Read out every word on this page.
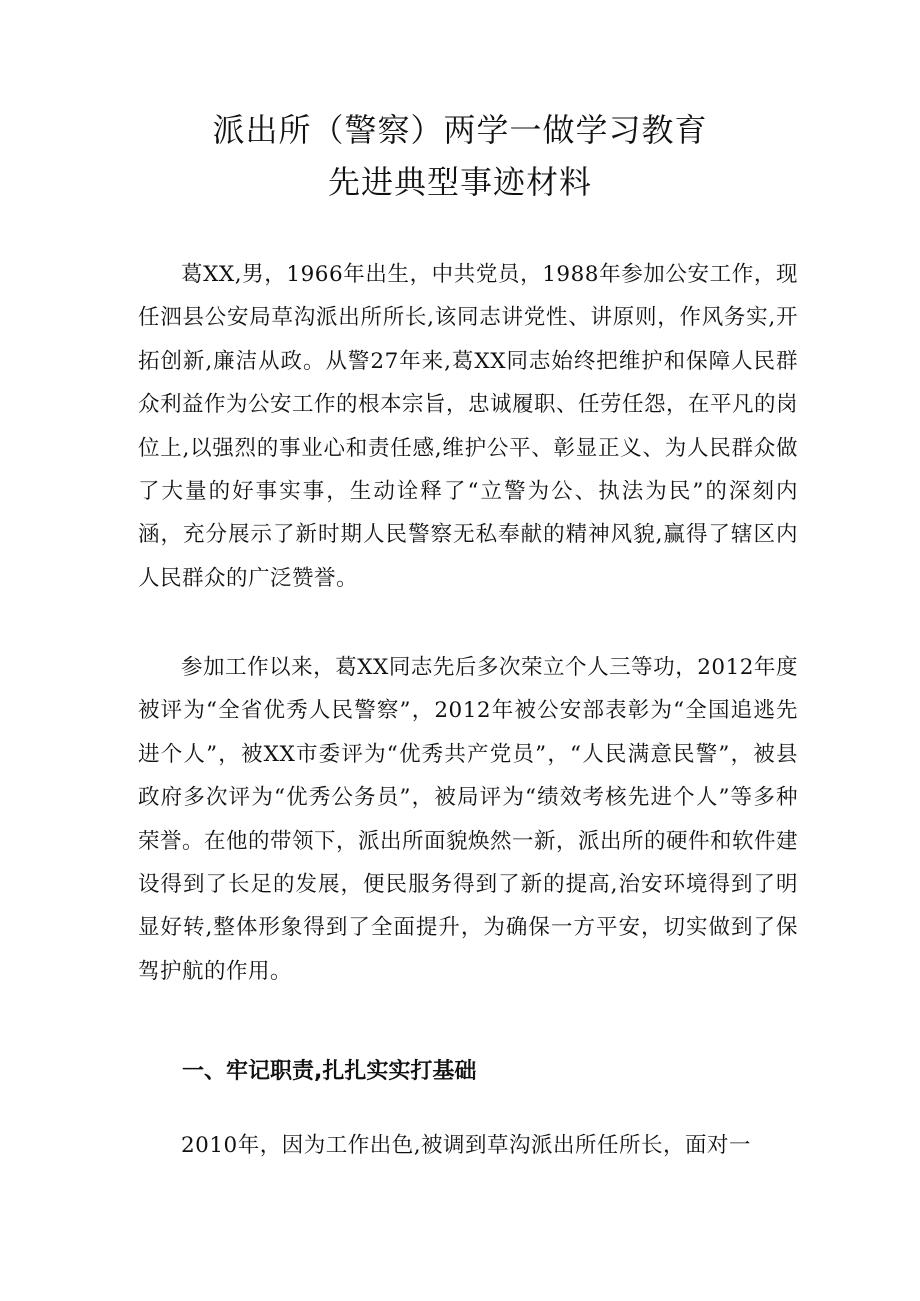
派出所（警察）两学一做学习教育

先进典型事迹材料

葛XX,男，1966年出生，中共党员，1988年参加公安工作，现任泗县公安局草沟派出所所长,该同志讲党性、讲原则，作风务实,开拓创新,廉洁从政。从警27年来,葛XX同志始终把维护和保障人民群众利益作为公安工作的根本宗旨，忠诚履职、任劳任怨，在平凡的岗位上,以强烈的事业心和责任感,维护公平、彰显正义、为人民群众做了大量的好事实事，生动诠释了“立警为公、执法为民”的深刻内涵，充分展示了新时期人民警察无私奉献的精神风貌,赢得了辖区内人民群众的广泛赞誉。

参加工作以来，葛XX同志先后多次荣立个人三等功，2012年度被评为“全省优秀人民警察”，2012年被公安部表彰为“全国追逃先进个人”，被XX市委评为“优秀共产党员”，“人民满意民警”，被县政府多次评为“优秀公务员”，被局评为“绩效考核先进个人”等多种荣誉。在他的带领下，派出所面貌焕然一新，派出所的硬件和软件建设得到了长足的发展，便民服务得到了新的提高,治安环境得到了明显好转,整体形象得到了全面提升，为确保一方平安，切实做到了保驾护航的作用。

一、牢记职责,扎扎实实打基础

2010年，因为工作出色,被调到草沟派出所任所长，面对一
